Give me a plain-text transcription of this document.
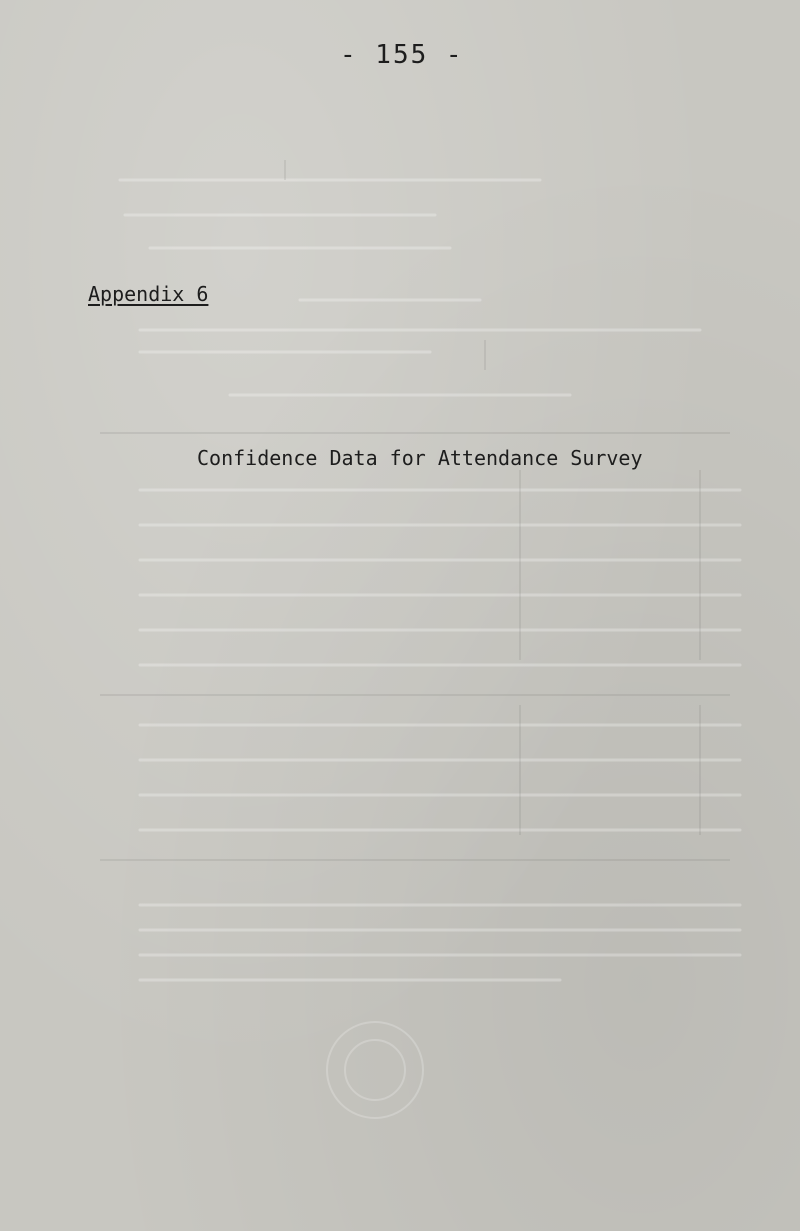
- 155 -
Appendix 6
Confidence Data for Attendance Survey
